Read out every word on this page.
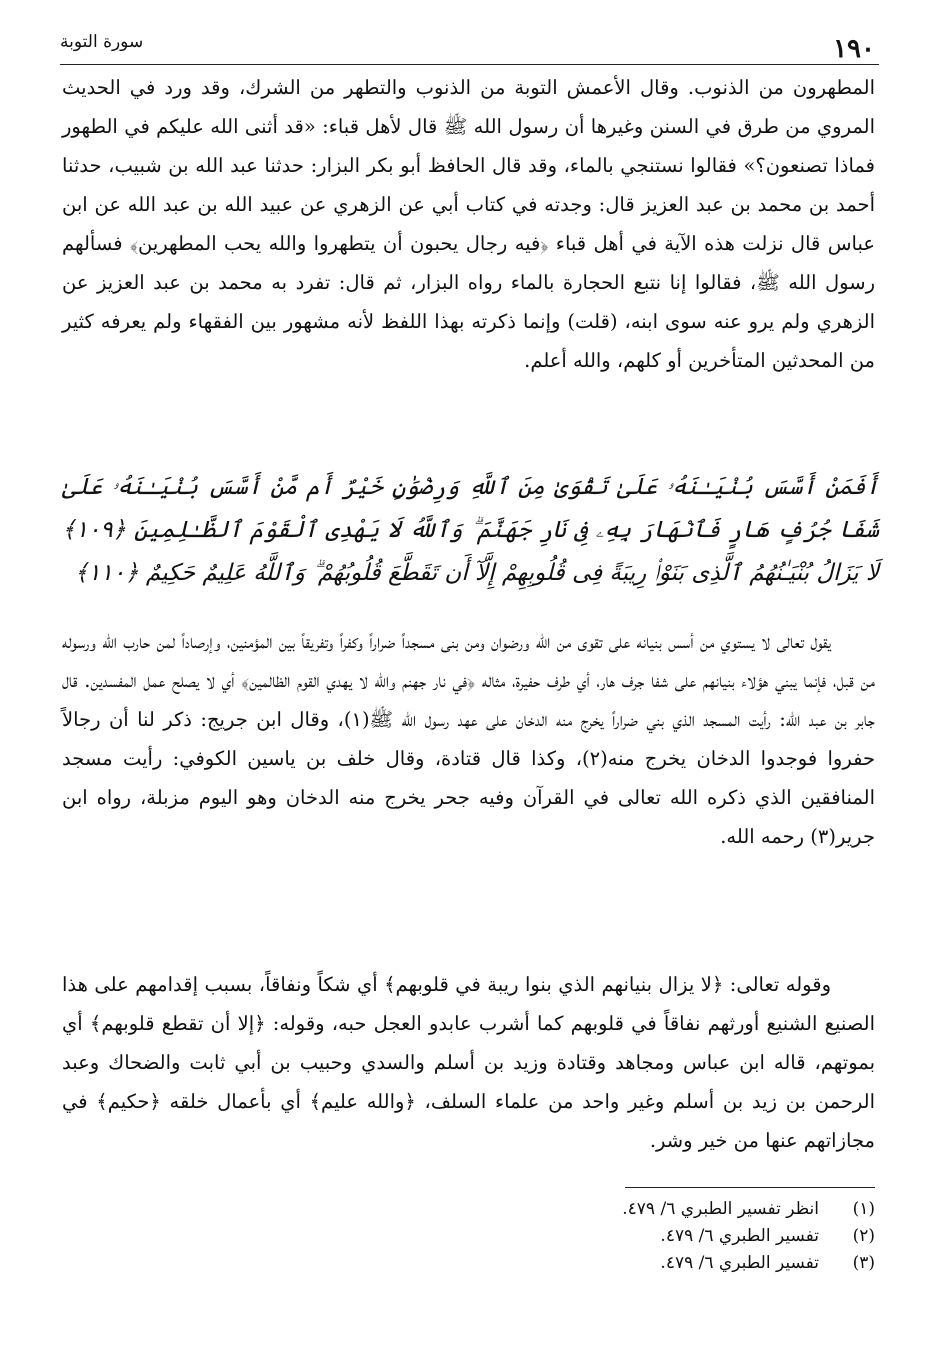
١٩٠
سورة التوبة

المطهرون من الذنوب. وقال الأعمش التوبة من الذنوب والتطهر من الشرك، وقد ورد في الحديث المروي من طرق في السنن وغيرها أن رسول الله ﷺ قال لأهل قباء: «قد أثنى الله عليكم في الطهور فماذا تصنعون؟» فقالوا نستنجي بالماء، وقد قال الحافظ أبو بكر البزار: حدثنا عبد الله بن شبيب، حدثنا أحمد بن محمد بن عبد العزيز قال: وجدته في كتاب أبي عن الزهري عن عبيد الله بن عبد الله عن ابن عباس قال نزلت هذه الآية في أهل قباء ﴿فيه رجال يحبون أن يتطهروا والله يحب المطهرين﴾ فسألهم رسول الله ﷺ، فقالوا إنا نتبع الحجارة بالماء رواه البزار، ثم قال: تفرد به محمد بن عبد العزيز عن الزهري ولم يرو عنه سوى ابنه، (قلت) وإنما ذكرته بهذا اللفظ لأنه مشهور بين الفقهاء ولم يعرفه كثير من المحدثين المتأخرين أو كلهم، والله أعلم.

أَفَمَنْ أَسَّسَ بُنْيَـٰنَهُۥ عَلَىٰ تَقْوَىٰ مِنَ ٱللَّهِ وَرِضْوَٰنٍ خَيْرٌ أَم مَّنْ أَسَّسَ بُنْيَـٰنَهُۥ عَلَىٰ شَفَا جُرُفٍ هَارٍ فَٱنْهَارَ بِهِۦ فِى نَارِ جَهَنَّمَ ۗ وَٱللَّهُ لَا يَهْدِى ٱلْقَوْمَ ٱلظَّـٰلِمِينَ ﴿١٠٩﴾ لَا يَزَالُ بُنْيَـٰنُهُمُ ٱلَّذِى بَنَوْا۟ رِيبَةً فِى قُلُوبِهِمْ إِلَّآ أَن تَقَطَّعَ قُلُوبُهُمْ ۗ وَٱللَّهُ عَلِيمٌ حَكِيمٌ ﴿١١٠﴾

يقول تعالى لا يستوي من أسس بنيانه على تقوى من الله ورضوان ومن بنى مسجداً ضراراً وكفراً وتفريقاً بين المؤمنين، وإرصاداً لمن حارب الله ورسوله من قبل، فإنما يبني هؤلاء بنيانهم على شفا جرف هار، أي طرف حفيرة، مثاله ﴿في نار جهنم والله لا يهدي القوم الظالمين﴾ أي لا يصلح عمل المفسدين. قال جابر بن عبد الله: رأيت المسجد الذي بني ضراراً يخرج منه الدخان على عهد رسول الله ﷺ(١)، وقال ابن جريج: ذكر لنا أن رجالاً حفروا فوجدوا الدخان يخرج منه(٢)، وكذا قال قتادة، وقال خلف بن ياسين الكوفي: رأيت مسجد المنافقين الذي ذكره الله تعالى في القرآن وفيه جحر يخرج منه الدخان وهو اليوم مزبلة، رواه ابن جرير(٣) رحمه الله.

وقوله تعالى: ﴿لا يزال بنيانهم الذي بنوا ريبة في قلوبهم﴾ أي شكاً ونفاقاً، بسبب إقدامهم على هذا الصنيع الشنيع أورثهم نفاقاً في قلوبهم كما أشرب عابدو العجل حبه، وقوله: ﴿إلا أن تقطع قلوبهم﴾ أي بموتهم، قاله ابن عباس ومجاهد وقتادة وزيد بن أسلم والسدي وحبيب بن أبي ثابت والضحاك وعبد الرحمن بن زيد بن أسلم وغير واحد من علماء السلف، ﴿والله عليم﴾ أي بأعمال خلقه ﴿حكيم﴾ في مجازاتهم عنها من خير وشر.

(١)انظر تفسير الطبري ٦/ ٤٧٩.

(٢)تفسير الطبري ٦/ ٤٧٩.

(٣)تفسير الطبري ٦/ ٤٧٩.
